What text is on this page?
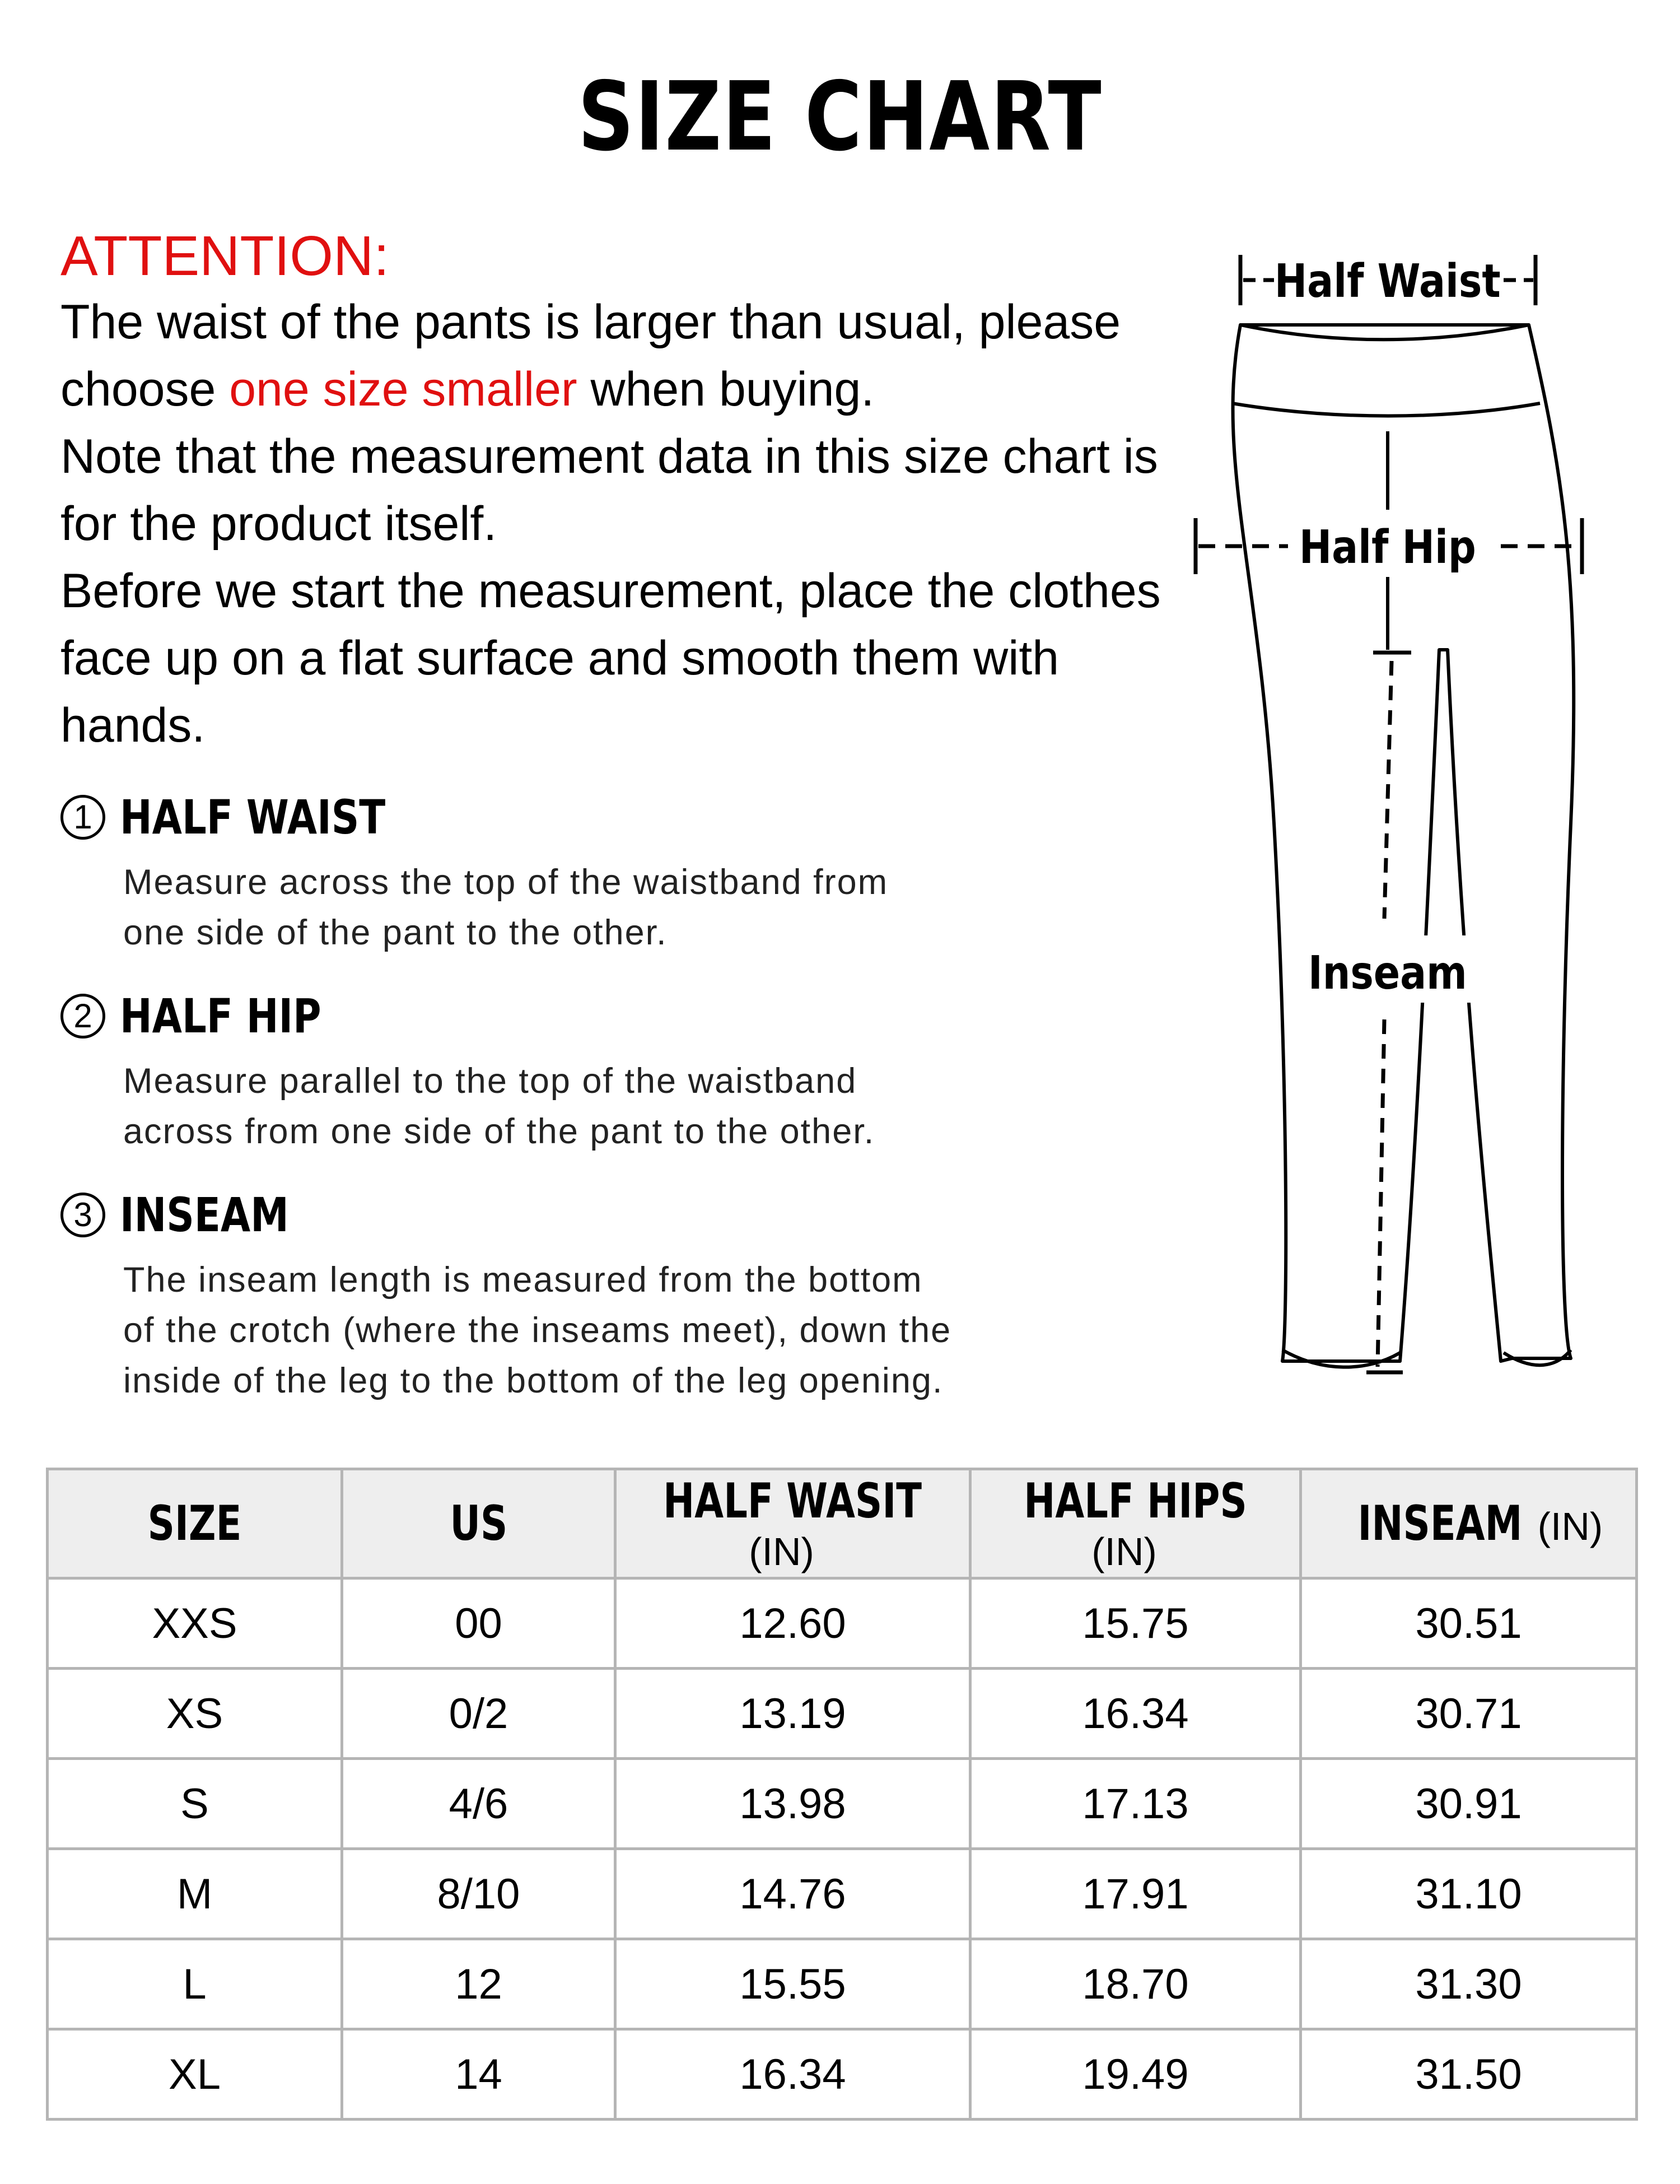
SIZE CHART
ATTENTION:
The waist of the pants is larger than usual, please choose one size smaller when buying.
Note that the measurement data in this size chart is for the product itself.
Before we start the measurement, place the clothes face up on a flat surface and smooth them with hands.
1 HALF WAIST
Measure across the top of the waistband from
one side of the pant to the other.
2 HALF HIP
Measure parallel to the top of the waistband
across from one side of the pant to the other.
3 INSEAM
The inseam length is measured from the bottom
of the crotch (where the inseams meet), down the
inside of the leg to the bottom of the leg opening.
Half Waist
Half Hip
Inseam
SIZE	US	HALF WASIT(IN)	HALF HIPS(IN)	INSEAM (IN)
XXS	00	12.60	15.75	30.51
XS	0/2	13.19	16.34	30.71
S	4/6	13.98	17.13	30.91
M	8/10	14.76	17.91	31.10
L	12	15.55	18.70	31.30
XL	14	16.34	19.49	31.50
